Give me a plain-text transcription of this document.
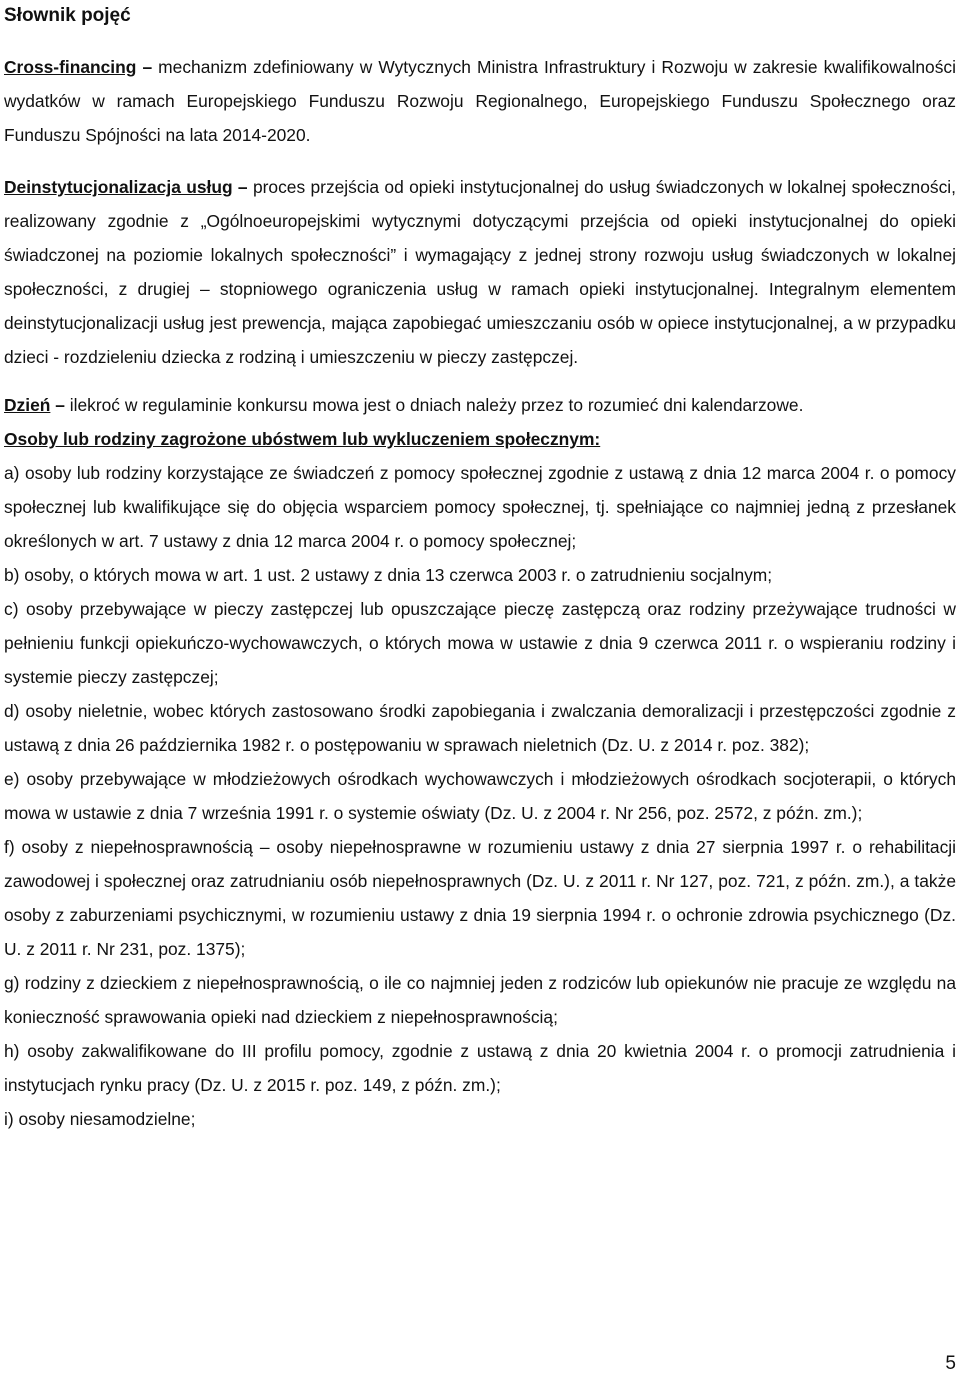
Słownik pojęć

Cross-financing – mechanizm zdefiniowany w Wytycznych Ministra Infrastruktury i Rozwoju w zakresie kwalifikowalności wydatków w ramach Europejskiego Funduszu Rozwoju Regionalnego, Europejskiego Funduszu Społecznego oraz Funduszu Spójności na lata 2014-2020.

Deinstytucjonalizacja usług – proces przejścia od opieki instytucjonalnej do usług świadczonych w lokalnej społeczności, realizowany zgodnie z „Ogólnoeuropejskimi wytycznymi dotyczącymi przejścia od opieki instytucjonalnej do opieki świadczonej na poziomie lokalnych społeczności” i wymagający z jednej strony rozwoju usług świadczonych w lokalnej społeczności, z drugiej – stopniowego ograniczenia usług w ramach opieki instytucjonalnej. Integralnym elementem deinstytucjonalizacji usług jest prewencja, mająca zapobiegać umieszczaniu osób w opiece instytucjonalnej, a w przypadku dzieci - rozdzieleniu dziecka z rodziną i umieszczeniu w pieczy zastępczej.

Dzień – ilekroć w regulaminie konkursu mowa jest o dniach należy przez to rozumieć dni kalendarzowe.

Osoby lub rodziny zagrożone ubóstwem lub wykluczeniem społecznym:

a) osoby lub rodziny korzystające ze świadczeń z pomocy społecznej zgodnie z ustawą z dnia 12 marca 2004 r. o pomocy społecznej lub kwalifikujące się do objęcia wsparciem pomocy społecznej, tj. spełniające co najmniej jedną z przesłanek określonych w art. 7 ustawy z dnia 12 marca 2004 r. o pomocy społecznej;

b) osoby, o których mowa w art. 1 ust. 2 ustawy z dnia 13 czerwca 2003 r. o zatrudnieniu socjalnym;

c) osoby przebywające w pieczy zastępczej lub opuszczające pieczę zastępczą oraz rodziny przeżywające trudności w pełnieniu funkcji opiekuńczo-wychowawczych, o których mowa w ustawie z dnia 9 czerwca 2011 r. o wspieraniu rodziny i systemie pieczy zastępczej;

d) osoby nieletnie, wobec których zastosowano środki zapobiegania i zwalczania demoralizacji i przestępczości zgodnie z ustawą z dnia 26 października 1982 r. o postępowaniu w sprawach nieletnich (Dz. U. z 2014 r. poz. 382);

e) osoby przebywające w młodzieżowych ośrodkach wychowawczych i młodzieżowych ośrodkach socjoterapii, o których mowa w ustawie z dnia 7 września 1991 r. o systemie oświaty (Dz. U. z 2004 r. Nr 256, poz. 2572, z późn. zm.);

f) osoby z niepełnosprawnością – osoby niepełnosprawne w rozumieniu ustawy z dnia 27 sierpnia 1997 r. o rehabilitacji zawodowej i społecznej oraz zatrudnianiu osób niepełnosprawnych (Dz. U. z 2011 r. Nr 127, poz. 721, z późn. zm.), a także osoby z zaburzeniami psychicznymi, w rozumieniu ustawy z dnia 19 sierpnia 1994 r. o ochronie zdrowia psychicznego (Dz. U. z 2011 r. Nr 231, poz. 1375);

g) rodziny z dzieckiem z niepełnosprawnością, o ile co najmniej jeden z rodziców lub opiekunów nie pracuje ze względu na konieczność sprawowania opieki nad dzieckiem z niepełnosprawnością;

h) osoby zakwalifikowane do III profilu pomocy, zgodnie z ustawą z dnia 20 kwietnia 2004 r. o promocji zatrudnienia i instytucjach rynku pracy (Dz. U. z 2015 r. poz. 149, z późn. zm.);

i) osoby niesamodzielne;

5
